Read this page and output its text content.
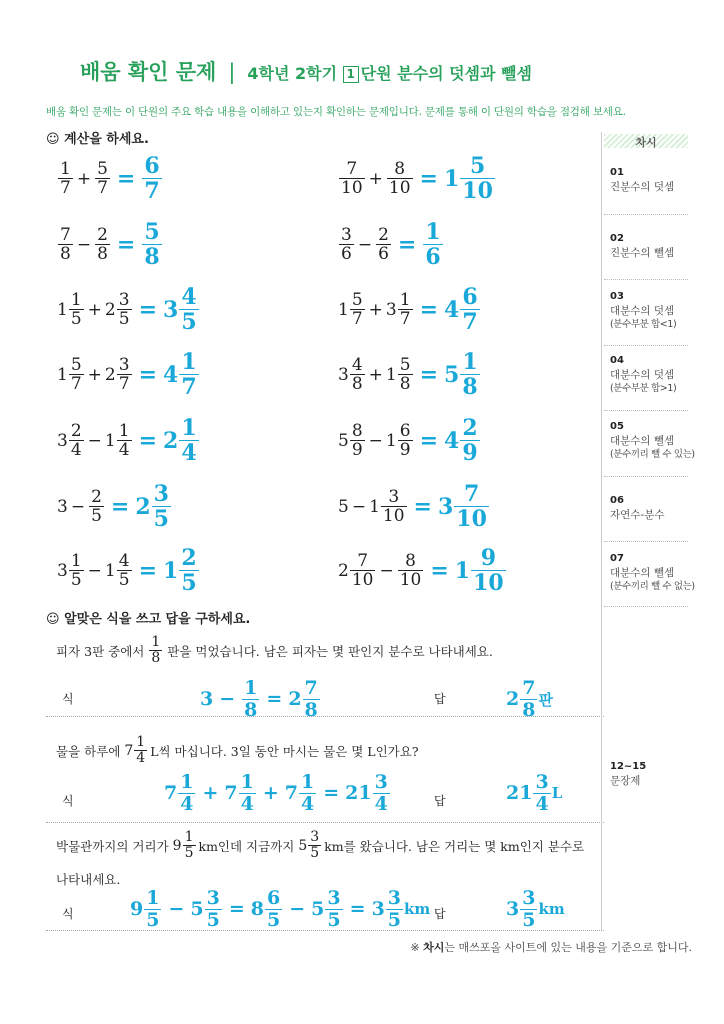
배움 확인 문제 | 4학년 2학기 1 단원 분수의 덧셈과 뺄셈
배움 확인 문제는 이 단원의 주요 학습 내용을 이해하고 있는지 확인하는 문제입니다. 문제를 통해 이 단원의 학습을 점검해 보세요.
☺ 계산을 하세요.
$\frac{1}{7} + \frac{5}{7} = \frac{6}{7}$	$\frac{7}{10} + \frac{8}{10} = 1 \frac{5}{10}$
$\frac{7}{8} - \frac{2}{8} = \frac{5}{8}$	$\frac{3}{6} - \frac{2}{6} = \frac{1}{6}$
$1 \frac{1}{5} + 2 \frac{3}{5} = 3 \frac{4}{5}$	$1 \frac{5}{7} + 3 \frac{1}{7} = 4 \frac{6}{7}$
$1 \frac{5}{7} + 2 \frac{3}{7} = 4 \frac{1}{7}$	$3 \frac{4}{8} + 1 \frac{5}{8} = 5 \frac{1}{8}$
$3 \frac{2}{4} - 1 \frac{1}{4} = 2 \frac{1}{4}$	$5 \frac{8}{9} - 1 \frac{6}{9} = 4 \frac{2}{9}$
$3 - \frac{2}{5} = 2 \frac{3}{5}$	$5 - 1 \frac{3}{10} = 3 \frac{7}{10}$
$3 \frac{1}{5} - 1 \frac{4}{5} = 1 \frac{2}{5}$	$2 \frac{7}{10} - \frac{8}{10} = 1 \frac{9}{10}$
☺ 알맞은 식을 쓰고 답을 구하세요.
피자 3판 중에서 $\frac{1}{8}$ 판을 먹었습니다. 남은 피자는 몇 판인지 분수로 나타내세요.
식	$3 - \frac{1}{8} = 2 \frac{7}{8}$	답	$2 \frac{7}{8}$ 판
물을 하루에 $7 \frac{1}{4}$ L씩 마십니다. 3일 동안 마시는 물은 몇 L인가요?
식	$7 \frac{1}{4} + 7 \frac{1}{4} + 7 \frac{1}{4} = 21 \frac{3}{4}$	답	$21 \frac{3}{4}$ L
박물관까지의 거리가 $9 \frac{1}{5}$ km인데 지금까지 $5 \frac{3}{5}$ km를 왔습니다. 남은 거리는 몇 km인지 분수로
나타내세요.
식	$9 \frac{1}{5} - 5 \frac{3}{5} = 8 \frac{6}{5} - 5 \frac{3}{5} = 3 \frac{3}{5}$ km 답	$3 \frac{3}{5}$ km
차시
01
진분수의 덧셈
02
진분수의 뺄셈
03
대분수의 덧셈
(분수부분 합<1)
04
대분수의 덧셈
(분수부분 합>1)
05
대분수의 뺄셈
(분수끼리 뺄 수 있는)
06
자연수-분수
07
대분수의 뺄셈
(분수끼리 뺄 수 없는)
12~15
문장제
※ 차시는 매쓰포올 사이트에 있는 내용을 기준으로 합니다.
